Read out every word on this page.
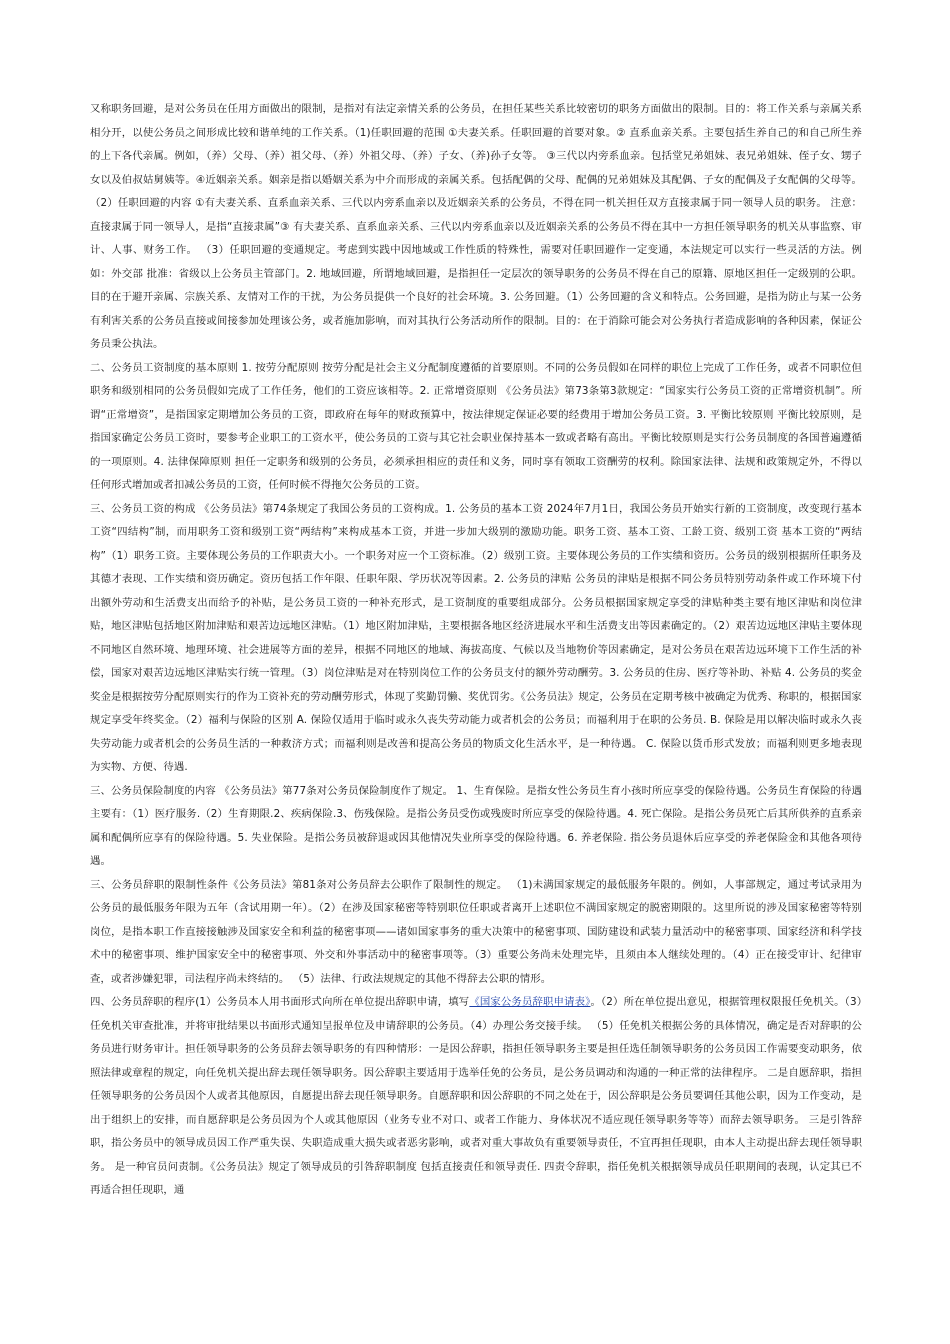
又称职务回避，是对公务员在任用方面做出的限制，是指对有法定亲情关系的公务员，在担任某些关系比较密切的职务方面做出的限制。目的：将工作关系与亲属关系相分开，以使公务员之间形成比较和谐单纯的工作关系。（1)任职回避的范围 ①夫妻关系。任职回避的首要对象。② 直系血亲关系。主要包括生养自己的和自己所生养的上下各代亲属。例如，（养）父母、（养）祖父母、（养）外祖父母、（养）子女、（养)孙子女等。 ③三代以内旁系血亲。包括堂兄弟姐妹、表兄弟姐妹、侄子女、甥子女以及伯叔姑舅姨等。④近姻亲关系。姻亲是指以婚姻关系为中介而形成的亲属关系。包括配偶的父母、配偶的兄弟姐妹及其配偶、子女的配偶及子女配偶的父母等。（2）任职回避的内容 ①有夫妻关系、直系血亲关系、三代以内旁系血亲以及近姻亲关系的公务员，不得在同一机关担任双方直接隶属于同一领导人员的职务。 注意：直接隶属于同一领导人，是指“直接隶属”③ 有夫妻关系、直系血亲关系、三代以内旁系血亲以及近姻亲关系的公务员不得在其中一方担任领导职务的机关从事监察、审计、人事、财务工作。 （3）任职回避的变通规定。考虑到实践中因地域或工作性质的特殊性，需要对任职回避作一定变通，本法规定可以实行一些灵活的方法。例如：外交部 批准：省级以上公务员主管部门。2. 地域回避，所谓地域回避，是指担任一定层次的领导职务的公务员不得在自己的原籍、原地区担任一定级别的公职。目的在于避开亲属、宗族关系、友情对工作的干扰，为公务员提供一个良好的社会环境。3. 公务回避。（1）公务回避的含义和特点。公务回避，是指为防止与某一公务有利害关系的公务员直接或间接参加处理该公务，或者施加影响，而对其执行公务活动所作的限制。目的：在于消除可能会对公务执行者造成影响的各种因素，保证公务员秉公执法。

二、公务员工资制度的基本原则 1. 按劳分配原则 按劳分配是社会主义分配制度遵循的首要原则。不同的公务员假如在同样的职位上完成了工作任务，或者不同职位但职务和级别相同的公务员假如完成了工作任务，他们的工资应该相等。2. 正常增资原则 《公务员法》第73条第3款规定：“国家实行公务员工资的正常增资机制”。所谓“正常增资”，是指国家定期增加公务员的工资，即政府在每年的财政预算中，按法律规定保证必要的经费用于增加公务员工资。3. 平衡比较原则 平衡比较原则，是指国家确定公务员工资时，要参考企业职工的工资水平，使公务员的工资与其它社会职业保持基本一致或者略有高出。平衡比较原则是实行公务员制度的各国普遍遵循的一项原则。4. 法律保障原则 担任一定职务和级别的公务员，必须承担相应的责任和义务，同时享有领取工资酬劳的权利。除国家法律、法规和政策规定外，不得以任何形式增加或者扣减公务员的工资，任何时候不得拖欠公务员的工资。

三、公务员工资的构成 《公务员法》第74条规定了我国公务员的工资构成。1. 公务员的基本工资 2024年7月1日，我国公务员开始实行新的工资制度，改变现行基本工资“四结构”制，而用职务工资和级别工资“两结构”来构成基本工资，并进一步加大级别的激励功能。职务工资、基本工资、工龄工资、级别工资 基本工资的“两结构”（1）职务工资。主要体现公务员的工作职责大小。一个职务对应一个工资标准。（2）级别工资。主要体现公务员的工作实绩和资历。公务员的级别根据所任职务及其德才表现、工作实绩和资历确定。资历包括工作年限、任职年限、学历状况等因素。2. 公务员的津贴 公务员的津贴是根据不同公务员特别劳动条件或工作环境下付出额外劳动和生活费支出而给予的补贴，是公务员工资的一种补充形式，是工资制度的重要组成部分。公务员根据国家规定享受的津贴种类主要有地区津贴和岗位津贴，地区津贴包括地区附加津贴和艰苦边远地区津贴。（1）地区附加津贴，主要根据各地区经济进展水平和生活费支出等因素确定的。（2）艰苦边远地区津贴主要体现不同地区自然环境、地理环境、社会进展等方面的差异，根据不同地区的地域、海拔高度、气候以及当地物价等因素确定，是对公务员在艰苦边远环境下工作生活的补偿，国家对艰苦边远地区津贴实行统一管理。（3）岗位津贴是对在特别岗位工作的公务员支付的额外劳动酬劳。3. 公务员的住房、医疗等补助、补贴 4. 公务员的奖金 奖金是根据按劳分配原则实行的作为工资补充的劳动酬劳形式，体现了奖勤罚懒、奖优罚劣。《公务员法》规定，公务员在定期考核中被确定为优秀、称职的，根据国家规定享受年终奖金。（2）福利与保险的区别 A. 保险仅适用于临时或永久丧失劳动能力或者机会的公务员；而福利用于在职的公务员. B. 保险是用以解决临时或永久丧失劳动能力或者机会的公务员生活的一种救济方式；而福利则是改善和提高公务员的物质文化生活水平，是一种待遇。 C. 保险以货币形式发放；而福利则更多地表现为实物、方便、待遇.

三、公务员保险制度的内容 《公务员法》第77条对公务员保险制度作了规定。 1、生育保险。是指女性公务员生育小孩时所应享受的保险待遇。公务员生育保险的待遇主要有：（1）医疗服务.（2）生育期限.2、疾病保险.3、伤残保险。是指公务员受伤或残废时所应享受的保险待遇。4. 死亡保险。是指公务员死亡后其所供养的直系亲属和配偶所应享有的保险待遇。5. 失业保险。是指公务员被辞退或因其他情况失业所享受的保险待遇。6. 养老保险. 指公务员退休后应享受的养老保险金和其他各项待遇。

三、公务员辞职的限制性条件《公务员法》第81条对公务员辞去公职作了限制性的规定。 （1)未满国家规定的最低服务年限的。例如，人事部规定，通过考试录用为公务员的最低服务年限为五年（含试用期一年）。（2）在涉及国家秘密等特别职位任职或者离开上述职位不满国家规定的脱密期限的。这里所说的涉及国家秘密等特别岗位，是指本职工作直接接触涉及国家安全和利益的秘密事项——诸如国家事务的重大决策中的秘密事项、国防建设和武装力量活动中的秘密事项、国家经济和科学技术中的秘密事项、维护国家安全中的秘密事项、外交和外事活动中的秘密事项等。（3）重要公务尚未处理完毕，且须由本人继续处理的。（4）正在接受审计、纪律审查，或者涉嫌犯罪，司法程序尚未终结的。 （5）法律、行政法规规定的其他不得辞去公职的情形。

四、公务员辞职的程序(1）公务员本人用书面形式向所在单位提出辞职申请，填写《国家公务员辞职申请表》。（2）所在单位提出意见，根据管理权限报任免机关。（3）任免机关审查批准，并将审批结果以书面形式通知呈报单位及申请辞职的公务员。（4）办理公务交接手续。 （5）任免机关根据公务的具体情况，确定是否对辞职的公务员进行财务审计。担任领导职务的公务员辞去领导职务的有四种情形：一是因公辞职，指担任领导职务主要是担任选任制领导职务的公务员因工作需要变动职务，依照法律或章程的规定，向任免机关提出辞去现任领导职务。因公辞职主要适用于选举任免的公务员，是公务员调动和沟通的一种正常的法律程序。 二是自愿辞职，指担任领导职务的公务员因个人或者其他原因，自愿提出辞去现任领导职务。自愿辞职和因公辞职的不同之处在于，因公辞职是公务员要调任其他公职，因为工作变动，是出于组织上的安排，而自愿辞职是公务员因为个人或其他原因（业务专业不对口、或者工作能力、身体状况不适应现任领导职务等等）而辞去领导职务。 三是引咎辞职，指公务员中的领导成员因工作严重失误、失职造成重大损失或者恶劣影响，或者对重大事故负有重要领导责任，不宜再担任现职，由本人主动提出辞去现任领导职务。 是一种官员问责制。《公务员法》规定了领导成员的引咎辞职制度 包括直接责任和领导责任. 四责令辞职，指任免机关根据领导成员任职期间的表现，认定其已不再适合担任现职，通
